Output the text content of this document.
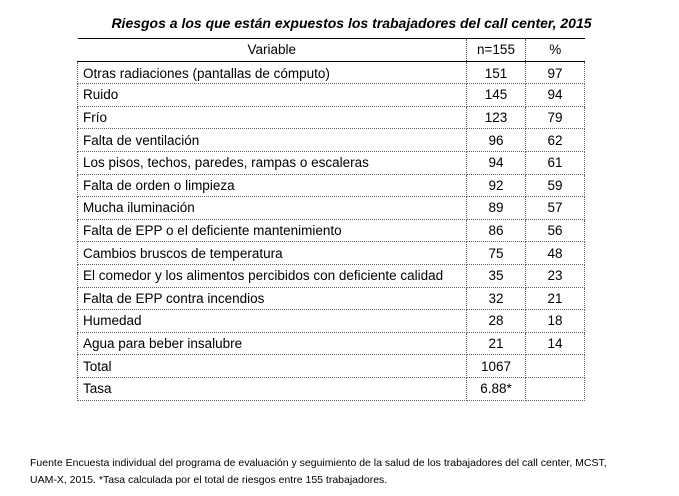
Riesgos a los que están expuestos los trabajadores del call center, 2015
Variable	n=155	%
Otras radiaciones (pantallas de cómputo)	151	97
Ruido	145	94
Frío	123	79
Falta de ventilación	96	62
Los pisos, techos, paredes, rampas o escaleras	94	61
Falta de orden o limpieza	92	59
Mucha iluminación	89	57
Falta de EPP o el deficiente mantenimiento	86	56
Cambios bruscos de temperatura	75	48
El comedor y los alimentos percibidos con deficiente calidad	35	23
Falta de EPP contra incendios	32	21
Humedad	28	18
Agua para beber insalubre	21	14
Total	1067	
Tasa	6.88*	
Fuente Encuesta individual del programa de evaluación y seguimiento de la salud de los trabajadores del call center, MCST,
UAM-X, 2015. *Tasa calculada por el total de riesgos entre 155 trabajadores.
